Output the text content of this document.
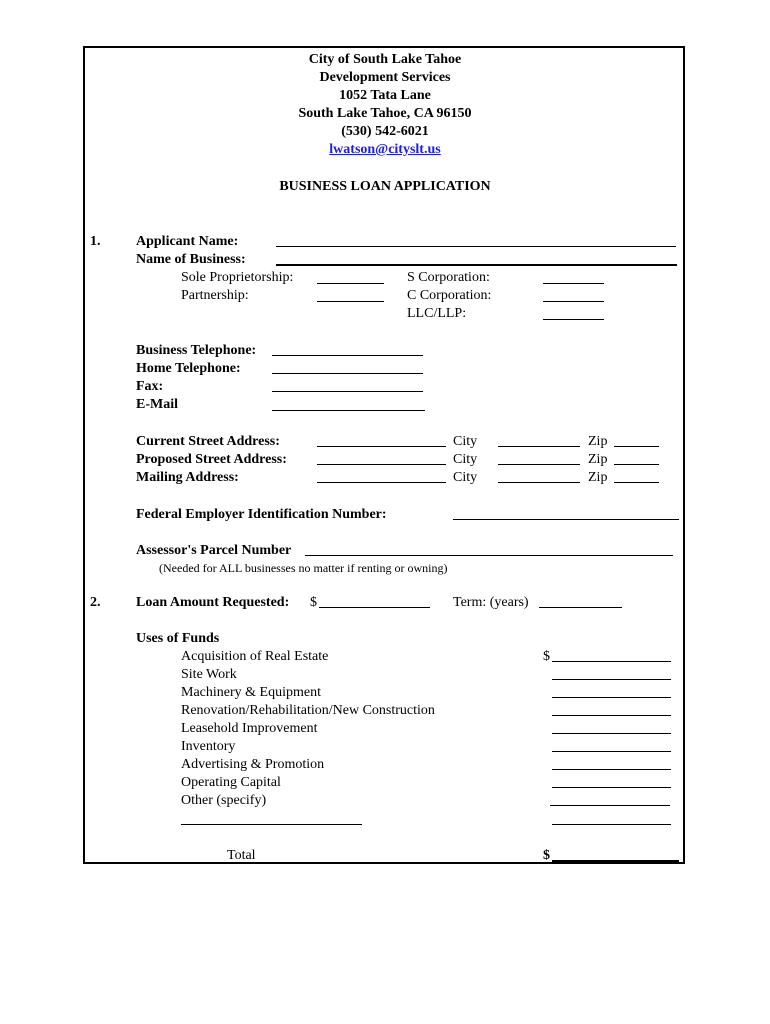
City of South Lake Tahoe
Development Services
1052 Tata Lane
South Lake Tahoe, CA 96150
(530) 542-6021
lwatson@cityslt.us
BUSINESS LOAN APPLICATION
1.	Applicant Name:
Name of Business:
Sole Proprietorship:	S Corporation:
Partnership:	C Corporation:
LLC/LLP:
Business Telephone:
Home Telephone:
Fax:
E-Mail
Current Street Address:	City	Zip
Proposed Street Address:	City	Zip
Mailing Address:	City	Zip
Federal Employer Identification Number:
Assessor's Parcel Number
(Needed for ALL businesses no matter if renting or owning)
2.	Loan Amount Requested: $	Term: (years)
Uses of Funds
Acquisition of Real Estate	$
Site Work
Machinery & Equipment
Renovation/Rehabilitation/New Construction
Leasehold Improvement
Inventory
Advertising & Promotion
Operating Capital
Other (specify)
Total	$
